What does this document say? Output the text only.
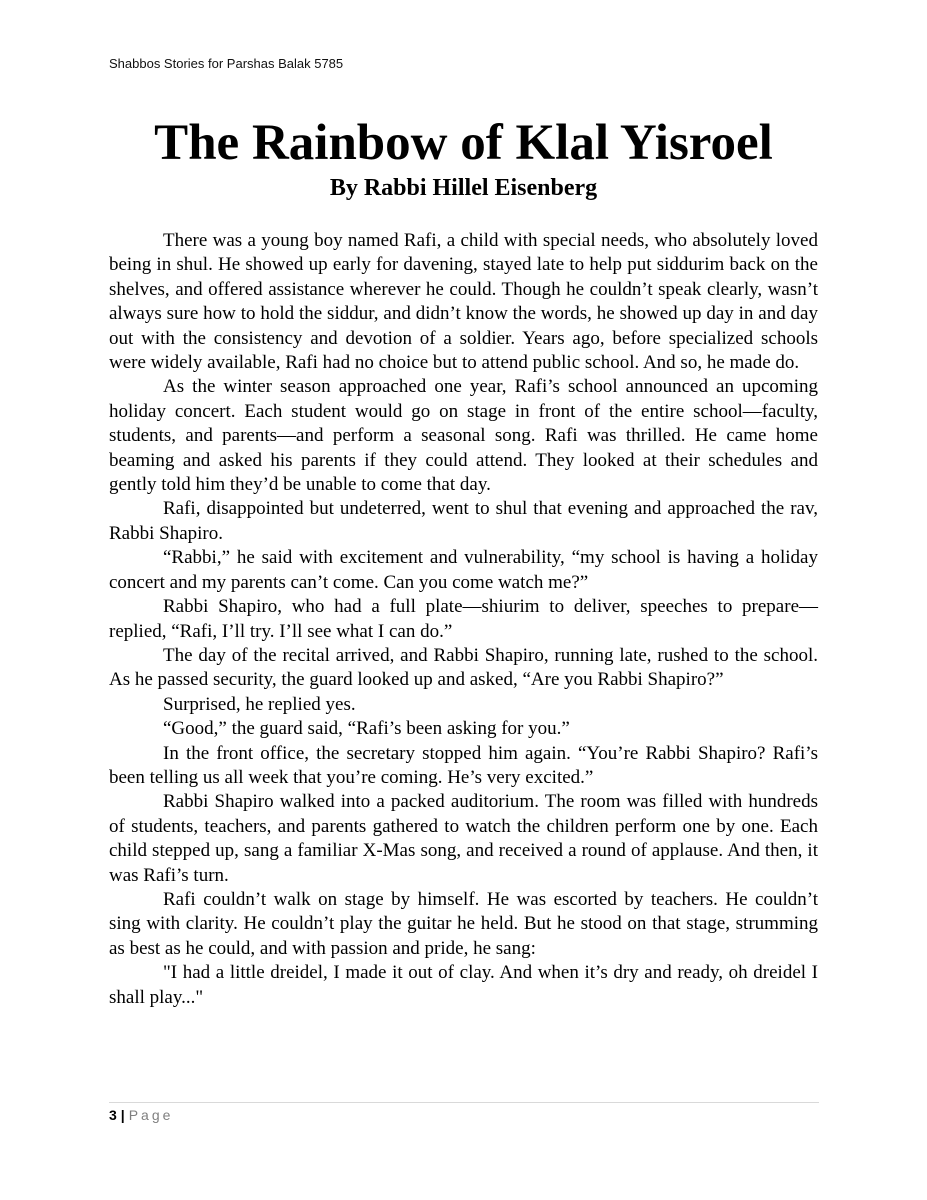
Shabbos Stories for Parshas Balak 5785
The Rainbow of Klal Yisroel
By Rabbi Hillel Eisenberg

There was a young boy named Rafi, a child with special needs, who absolutely loved being in shul. He showed up early for davening, stayed late to help put siddurim back on the shelves, and offered assistance wherever he could. Though he couldn’t speak clearly, wasn’t always sure how to hold the siddur, and didn’t know the words, he showed up day in and day out with the consistency and devotion of a soldier. Years ago, before specialized schools were widely available, Rafi had no choice but to attend public school. And so, he made do.

As the winter season approached one year, Rafi’s school announced an upcoming holiday concert. Each student would go on stage in front of the entire school—faculty, students, and parents—and perform a seasonal song. Rafi was thrilled. He came home beaming and asked his parents if they could attend. They looked at their schedules and gently told him they’d be unable to come that day.

Rafi, disappointed but undeterred, went to shul that evening and approached the rav, Rabbi Shapiro.

“Rabbi,” he said with excitement and vulnerability, “my school is having a holiday concert and my parents can’t come. Can you come watch me?”

Rabbi Shapiro, who had a full plate—shiurim to deliver, speeches to prepare—replied, “Rafi, I’ll try. I’ll see what I can do.”

The day of the recital arrived, and Rabbi Shapiro, running late, rushed to the school. As he passed security, the guard looked up and asked, “Are you Rabbi Shapiro?”

Surprised, he replied yes.

“Good,” the guard said, “Rafi’s been asking for you.”

In the front office, the secretary stopped him again. “You’re Rabbi Shapiro? Rafi’s been telling us all week that you’re coming. He’s very excited.”

Rabbi Shapiro walked into a packed auditorium. The room was filled with hundreds of students, teachers, and parents gathered to watch the children perform one by one. Each child stepped up, sang a familiar X-Mas song, and received a round of applause. And then, it was Rafi’s turn.

Rafi couldn’t walk on stage by himself. He was escorted by teachers. He couldn’t sing with clarity. He couldn’t play the guitar he held. But he stood on that stage, strumming as best as he could, and with passion and pride, he sang:

"I had a little dreidel, I made it out of clay. And when it’s dry and ready, oh dreidel I shall play..."

3 | Page
